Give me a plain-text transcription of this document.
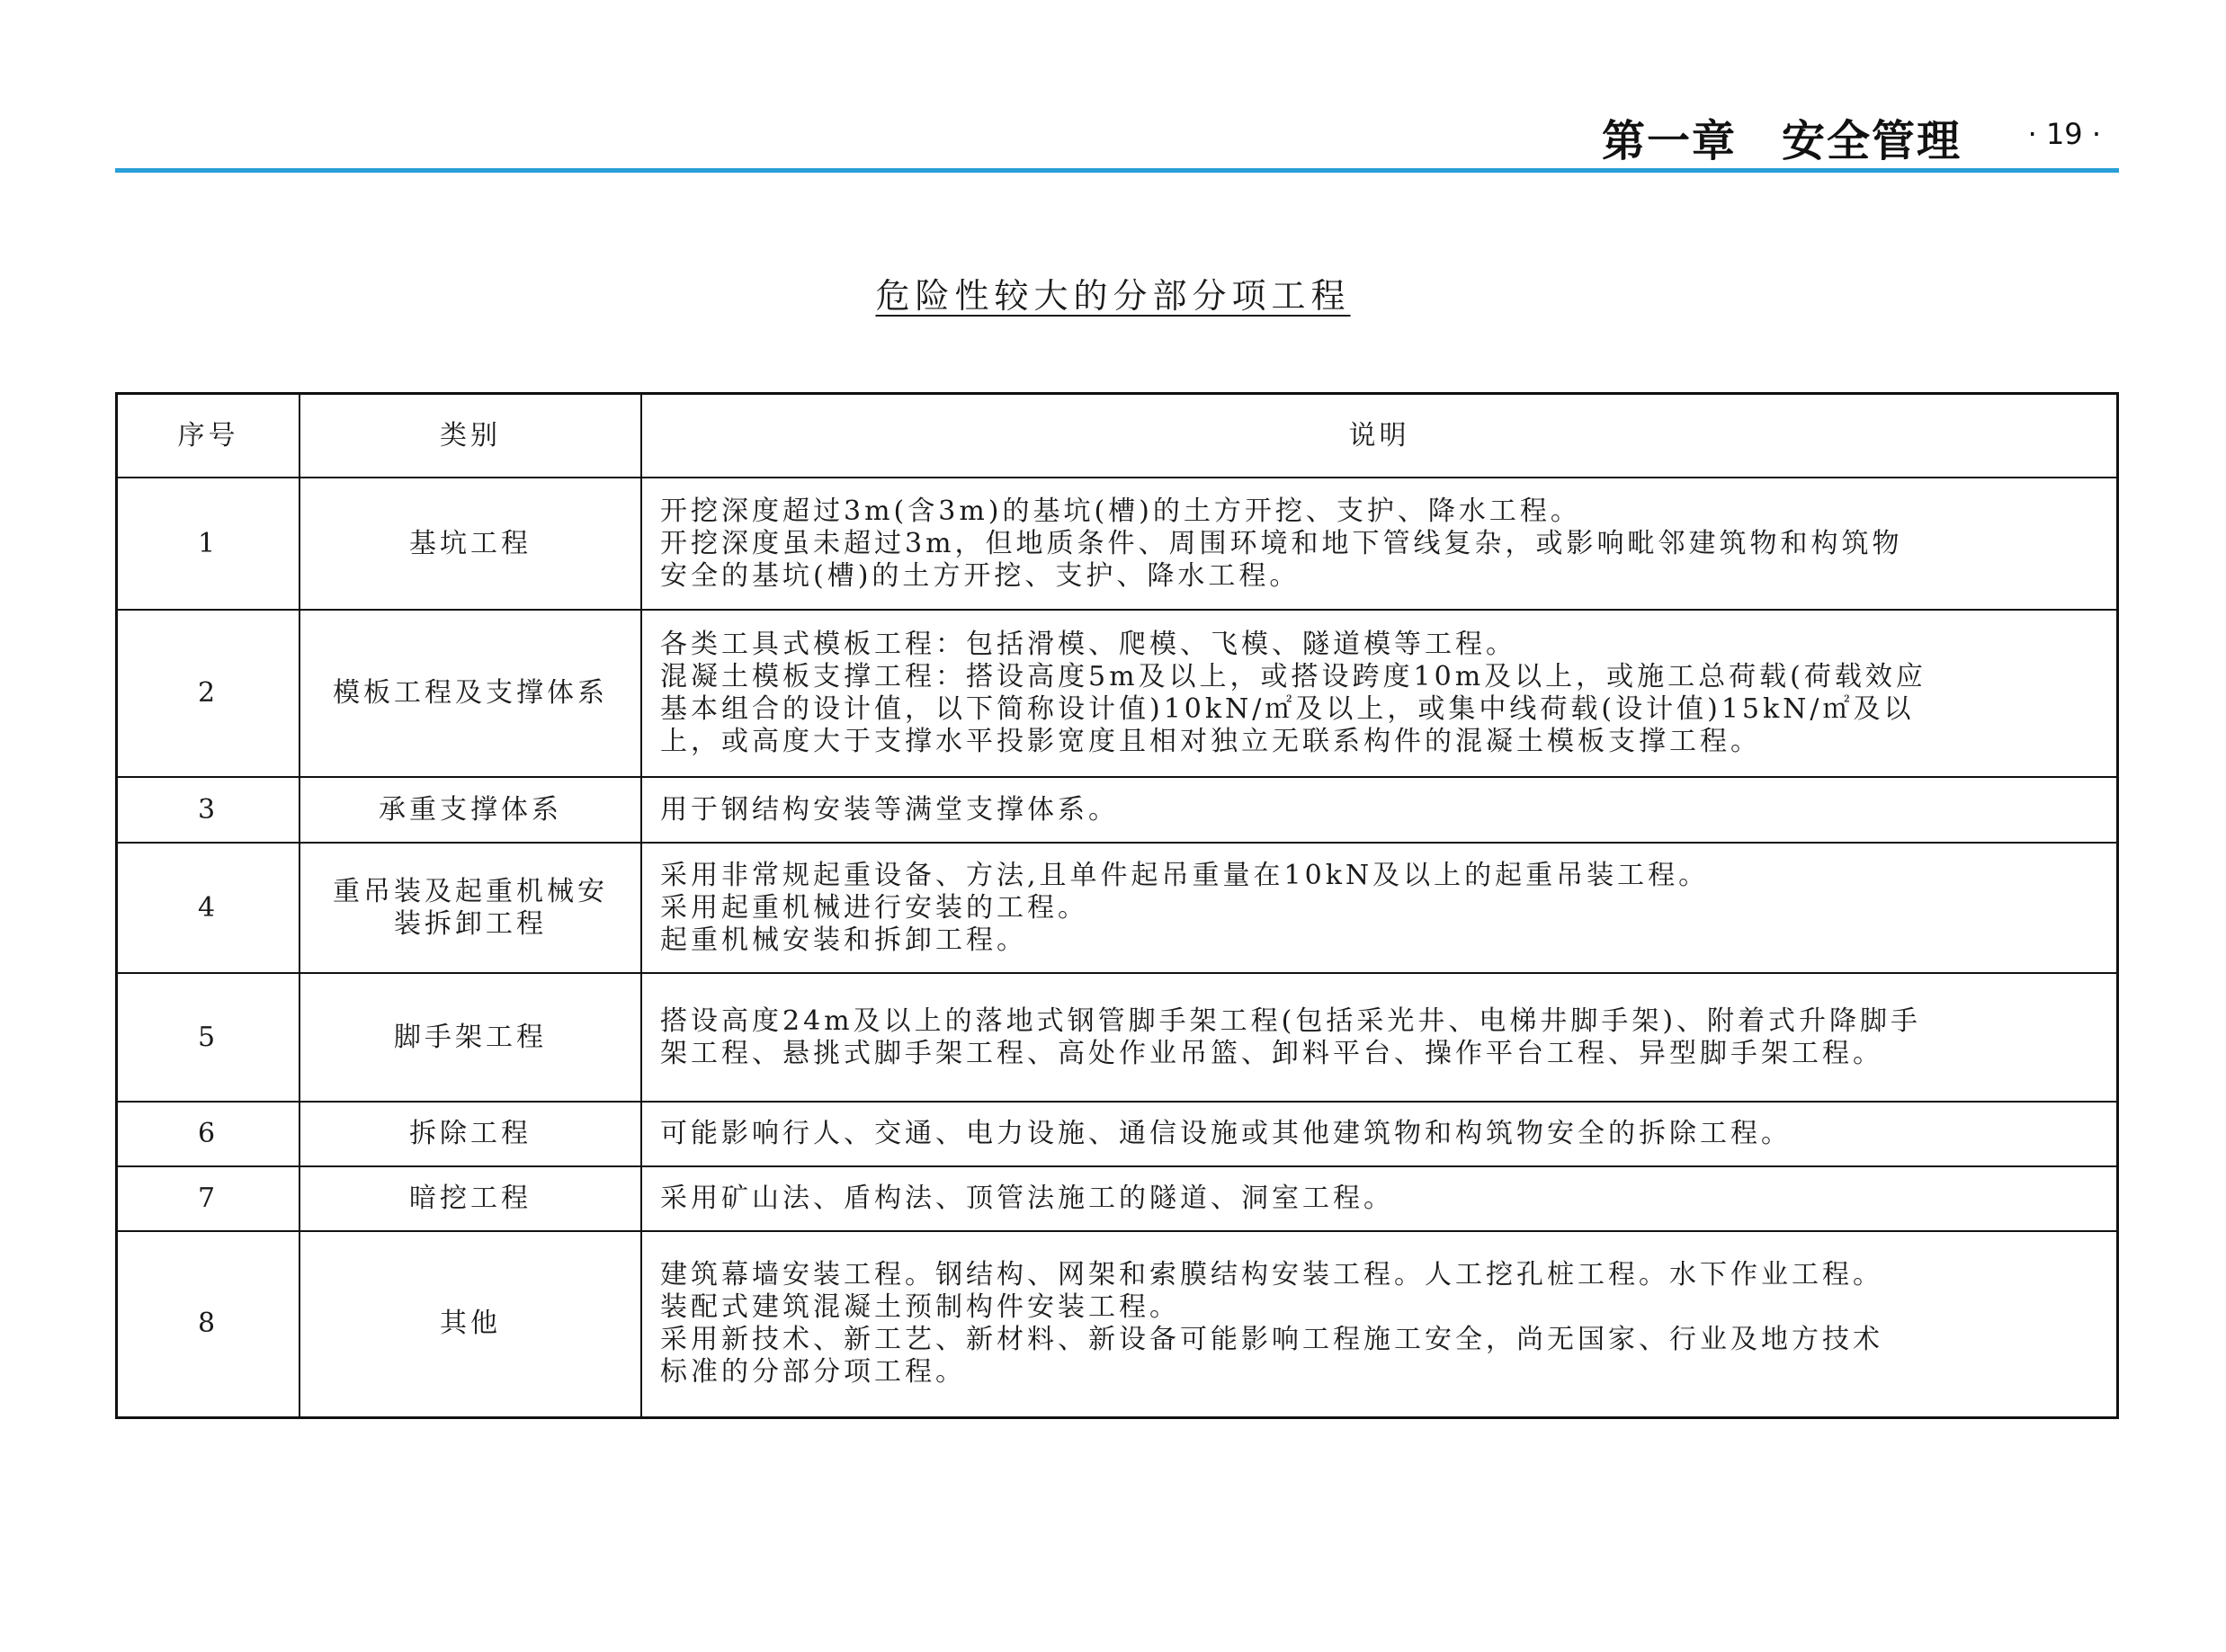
第一章　安全管理 · 19 ·
危险性较大的分部分项工程
序号	类别	说明
1	基坑工程	开挖深度超过3m(含3m)的基坑(槽)的土方开挖、支护、降水工程。
开挖深度虽未超过3m，但地质条件、周围环境和地下管线复杂，或影响毗邻建筑物和构筑物
安全的基坑(槽)的土方开挖、支护、降水工程。

2	模板工程及支撑体系	各类工具式模板工程：包括滑模、爬模、飞模、隧道模等工程。
混凝土模板支撑工程：搭设高度5m及以上，或搭设跨度10m及以上，或施工总荷载(荷载效应
基本组合的设计值，以下简称设计值)10kN/㎡及以上，或集中线荷载(设计值)15kN/㎡及以
上，或高度大于支撑水平投影宽度且相对独立无联系构件的混凝土模板支撑工程。

3	承重支撑体系	用于钢结构安装等满堂支撑体系。

4	重吊装及起重机械安装拆卸工程	采用非常规起重设备、方法,且单件起吊重量在10kN及以上的起重吊装工程。
采用起重机械进行安装的工程。
起重机械安装和拆卸工程。

5	脚手架工程	搭设高度24m及以上的落地式钢管脚手架工程(包括采光井、电梯井脚手架)、附着式升降脚手
架工程、悬挑式脚手架工程、高处作业吊篮、卸料平台、操作平台工程、异型脚手架工程。

6	拆除工程	可能影响行人、交通、电力设施、通信设施或其他建筑物和构筑物安全的拆除工程。

7	暗挖工程	采用矿山法、盾构法、顶管法施工的隧道、洞室工程。

8	其他	建筑幕墙安装工程。钢结构、网架和索膜结构安装工程。人工挖孔桩工程。水下作业工程。
装配式建筑混凝土预制构件安装工程。
采用新技术、新工艺、新材料、新设备可能影响工程施工安全，尚无国家、行业及地方技术
标准的分部分项工程。
